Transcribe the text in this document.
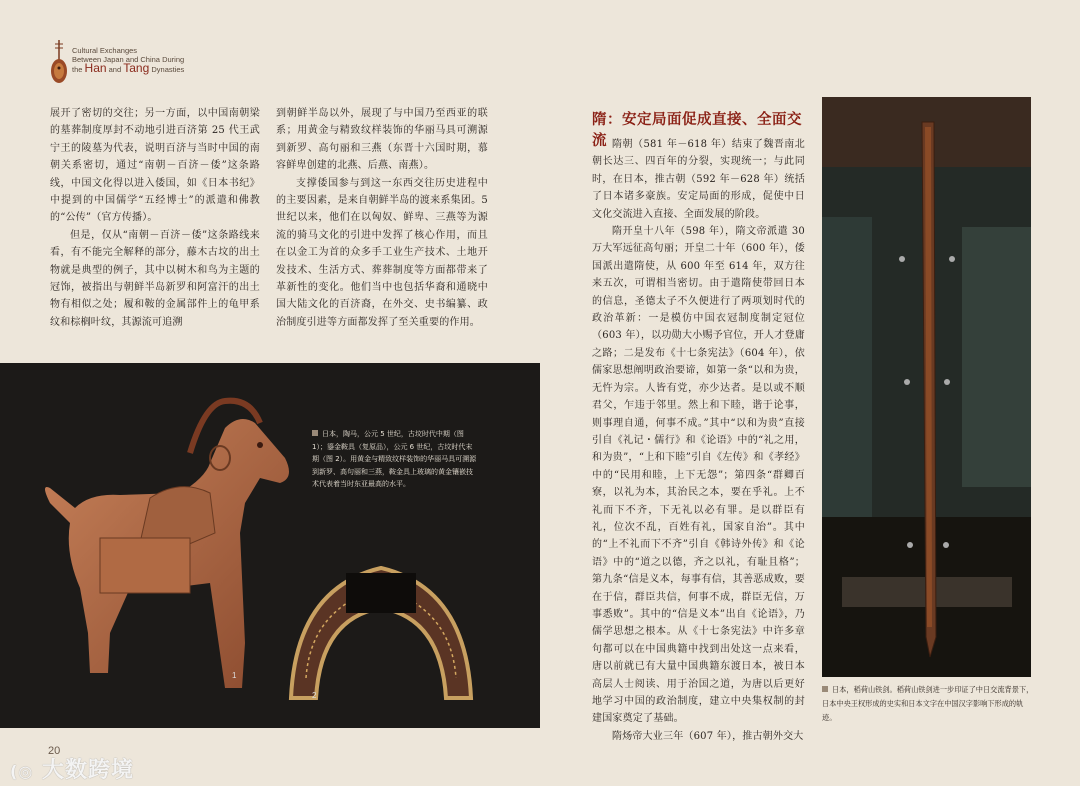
Cultural Exchanges
Between Japan and China During
the Han and Tang Dynasties

展开了密切的交往；另一方面，以中国南朝梁的墓葬制度厚封不动地引进百济第 25 代王武宁王的陵墓为代表，说明百济与当时中国的南朝关系密切，通过“南朝－百济－倭”这条路线，中国文化得以进入倭国，如《日本书纪》中提到的中国儒学“五经博士”的派遣和佛教的“公传”（官方传播）。

但是，仅从“南朝－百济－倭”这条路线来看，有不能完全解释的部分，藤木古坟的出土物就是典型的例子，其中以树木和鸟为主题的冠饰，被指出与朝鲜半岛新罗和阿富汗的出土物有相似之处；履和鞍的金属部件上的龟甲系纹和棕榈叶纹，其源流可追溯

到朝鲜半岛以外，展现了与中国乃至西亚的联系；用黄金与精致纹样装饰的华丽马具可溯源到新罗、高句丽和三燕（东晋十六国时期，慕容鲜卑创建的北燕、后燕、南燕）。

支撑倭国参与到这一东西交往历史进程中的主要因素，是来自朝鲜半岛的渡来系集团。5 世纪以来，他们在以匈奴、鲜卑、三燕等为源流的骑马文化的引进中发挥了核心作用，而且在以金工为首的众多手工业生产技术、土地开发技术、生活方式、葬葬制度等方面都带来了革新性的变化。他们当中也包括华裔和通晓中国大陆文化的百济裔，在外交、史书编纂、政治制度引进等方面都发挥了至关重要的作用。

1
2
日本，陶马，公元 5 世纪，古坟时代中期（图 1）；鎏金鞍具（复原品），公元 6 世纪，古坟时代末期（图 2）。用黄金与精致纹样装饰的华丽马具可溯源到新罗、高句丽和三燕，鞍金具上玻璃的黄金镶嵌技术代表着当时东亚最高的水平。
隋：安定局面促成直接、全面交流 隋朝（581 年－618 年）结束了魏晋南北朝长达三、四百年的分裂，实现统一；与此同时，在日本，推古朝（592 年－628 年）统括了日本诸多豪族。安定局面的形成，促使中日文化交流进入直接、全面发展的阶段。

隋开皇十八年（598 年），隋文帝派遣 30 万大军远征高句丽；开皇二十年（600 年），倭国派出遣隋使，从 600 年至 614 年，双方往来五次，可谓相当密切。由于遣隋使带回日本的信息，圣德太子不久便进行了两项划时代的政治革新：一是模仿中国衣冠制度制定冠位（603 年），以功勋大小赐予官位，开人才登庸之路；二是发布《十七条宪法》（604 年），依儒家思想阐明政治要谛，如第一条“以和为贵，无忤为宗。人皆有党，亦少达者。是以或不顺君父，乍违于邻里。然上和下睦，谐于论事，则事理自通，何事不成。”其中“以和为贵”直接引自《礼记・儒行》和《论语》中的“礼之用，和为贵”，“上和下睦”引自《左传》和《孝经》中的“民用和睦，上下无怨”；第四条“群卿百寮，以礼为本，其治民之本，要在乎礼。上不礼而下不齐，下无礼以必有罪。是以群臣有礼，位次不乱，百姓有礼，国家自治”。其中的“上不礼而下不齐”引自《韩诗外传》和《论语》中的“道之以德，齐之以礼，有耻且格”；第九条“信是义本，每事有信，其善恶成败，要在于信，群臣共信，何事不成，群臣无信，万事悉败”。其中的“信是义本”出自《论语》，乃儒学思想之根本。从《十七条宪法》中许多章句都可以在中国典籍中找到出处这一点来看，唐以前就已有大量中国典籍东渡日本，被日本高层人士阅读、用于治国之道，为唐以后更好地学习中国的政治制度，建立中央集权制的封建国家奠定了基础。

隋炀帝大业三年（607 年），推古朝外交大

日本，稻荷山铁剑。稻荷山铁剑进一步印证了中日交流背景下，日本中央王权形成的史实和日本文字在中国汉字影响下形成的轨迹。
20
(◎ 大数跨境
